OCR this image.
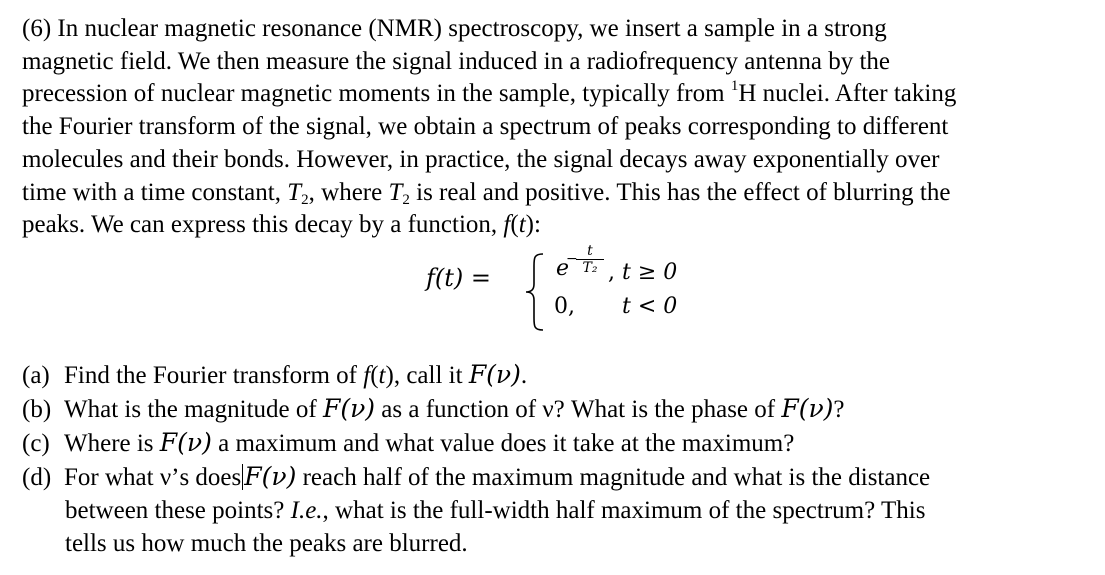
(6) In nuclear magnetic resonance (NMR) spectroscopy, we insert a sample in a strong
magnetic field. We then measure the signal induced in a radiofrequency antenna by the
precession of nuclear magnetic moments in the sample, typically from $^1$H nuclei. After taking
the Fourier transform of the signal, we obtain a spectrum of peaks corresponding to different
molecules and their bonds. However, in practice, the signal decays away exponentially over
time with a time constant, $T_2$, where $T_2$ is real and positive. This has the effect of blurring the
peaks. We can express this decay by a function, f(t):
f(t) =	e
− t
T₂ , t ≥ 0
0, t < 0
(a) Find the Fourier transform of f(t), call it F(ν).
(b) What is the magnitude of F(ν) as a function of ν? What is the phase of F(ν)?
(c) Where is F(ν) a maximum and what value does it take at the maximum?
(d) For what ν’s does F(ν) reach half of the maximum magnitude and what is the distance
between these points? I.e., what is the full-width half maximum of the spectrum? This
tells us how much the peaks are blurred.
